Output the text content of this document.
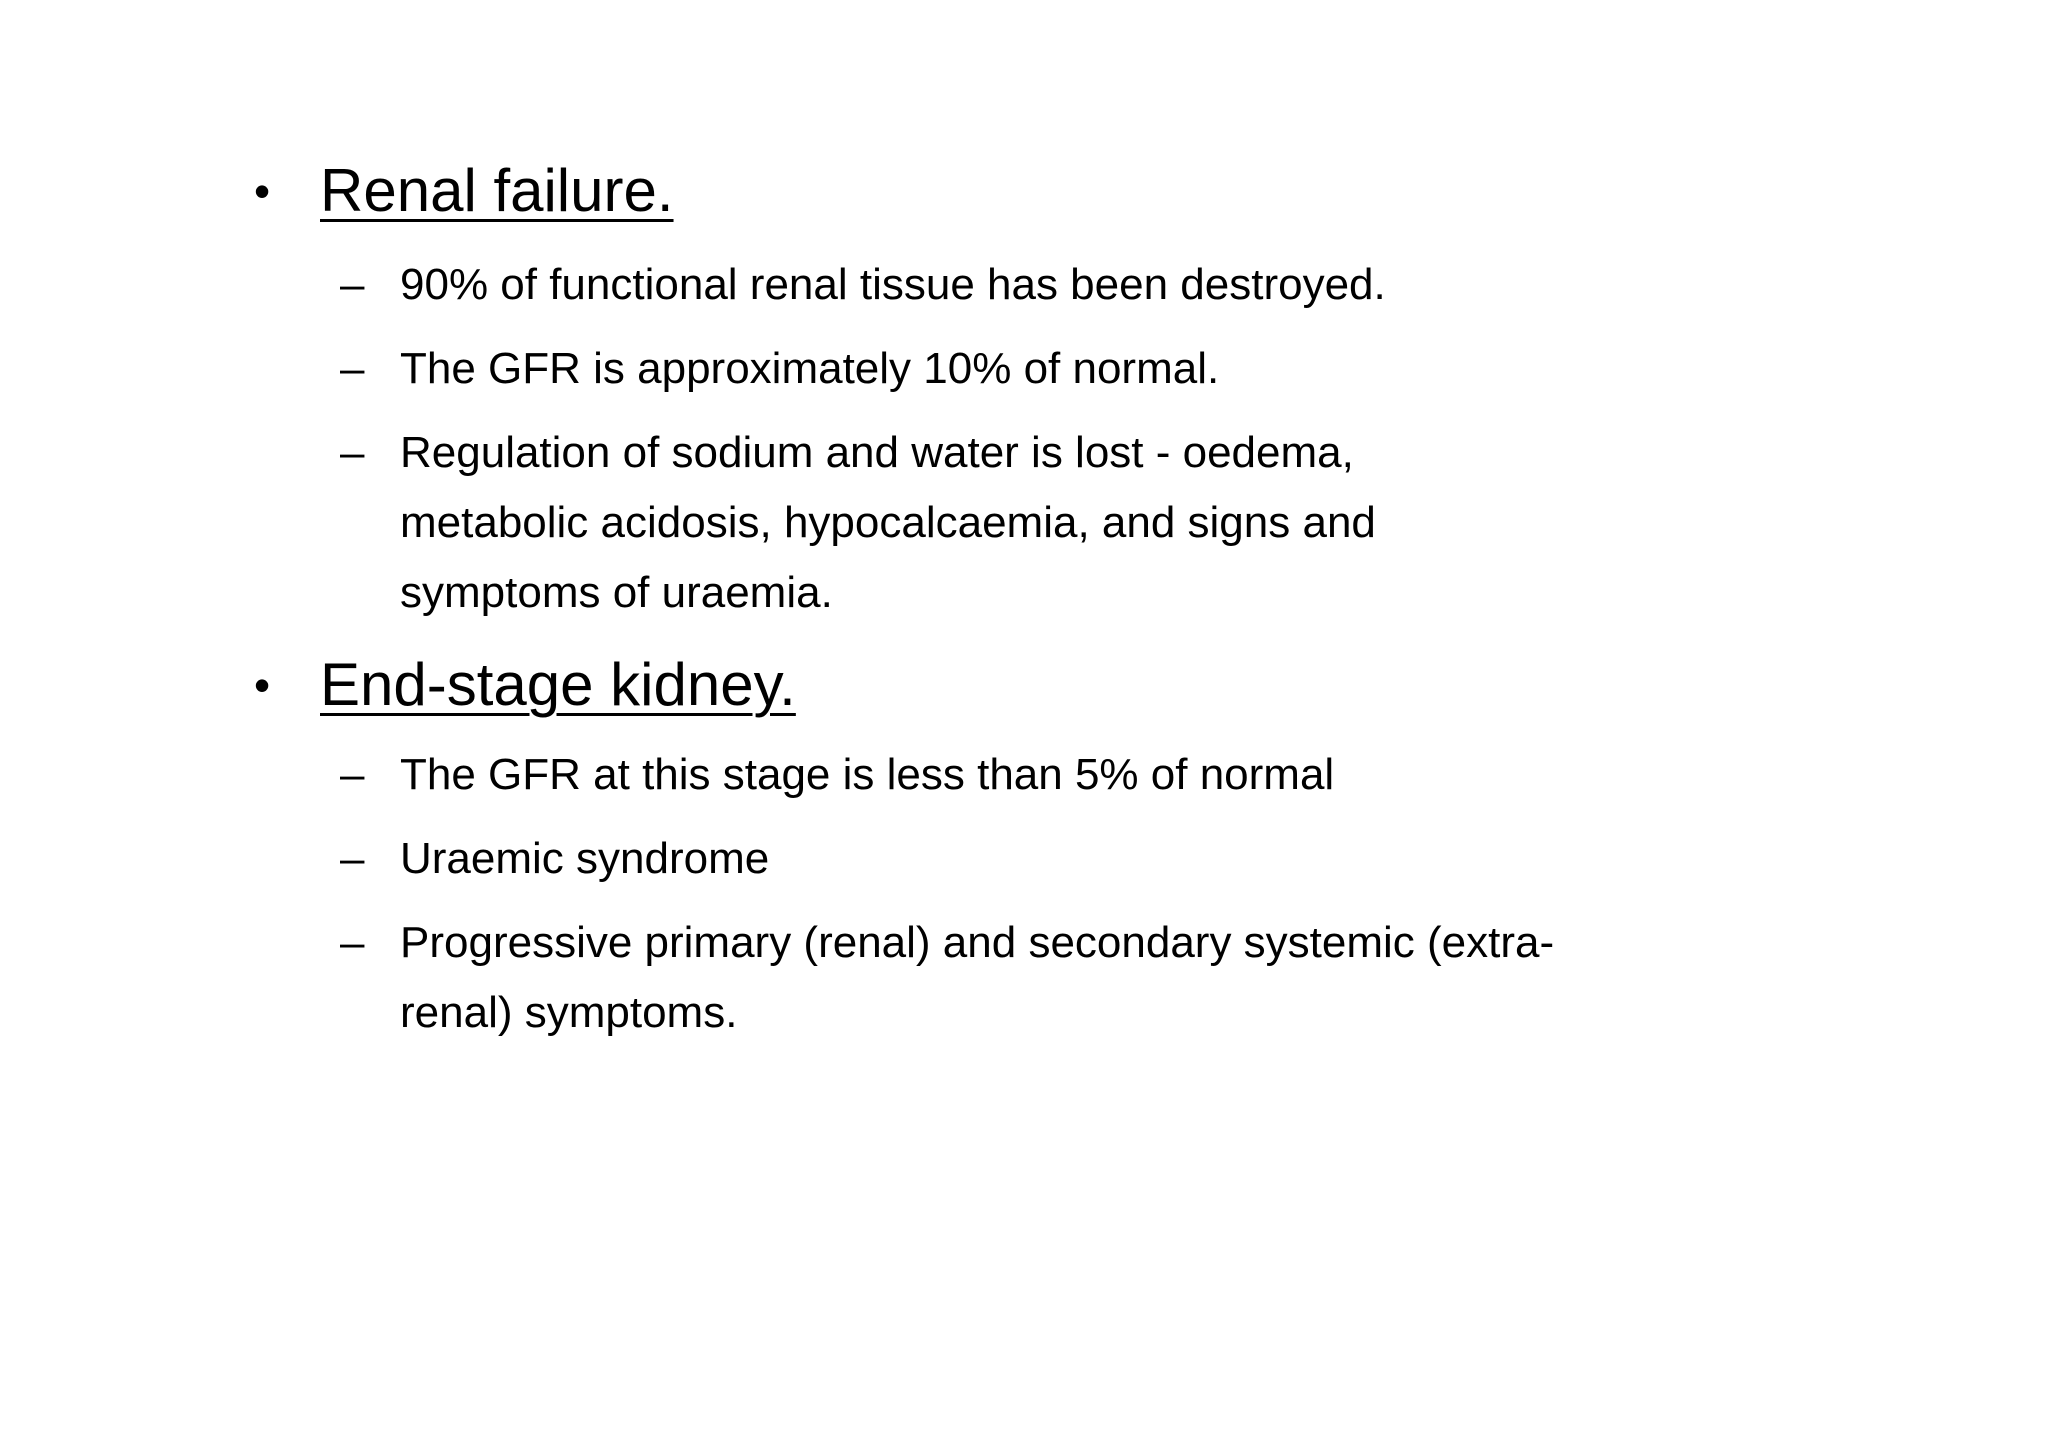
• Renal failure.
– 90% of functional renal tissue has been destroyed.
– The GFR is approximately 10% of normal.
– Regulation of sodium and water is lost - oedema,
metabolic acidosis, hypocalcaemia, and signs and
symptoms of uraemia.
• End-stage kidney.
– The GFR at this stage is less than 5% of normal
– Uraemic syndrome
– Progressive primary (renal) and secondary systemic (extra-
renal) symptoms.
